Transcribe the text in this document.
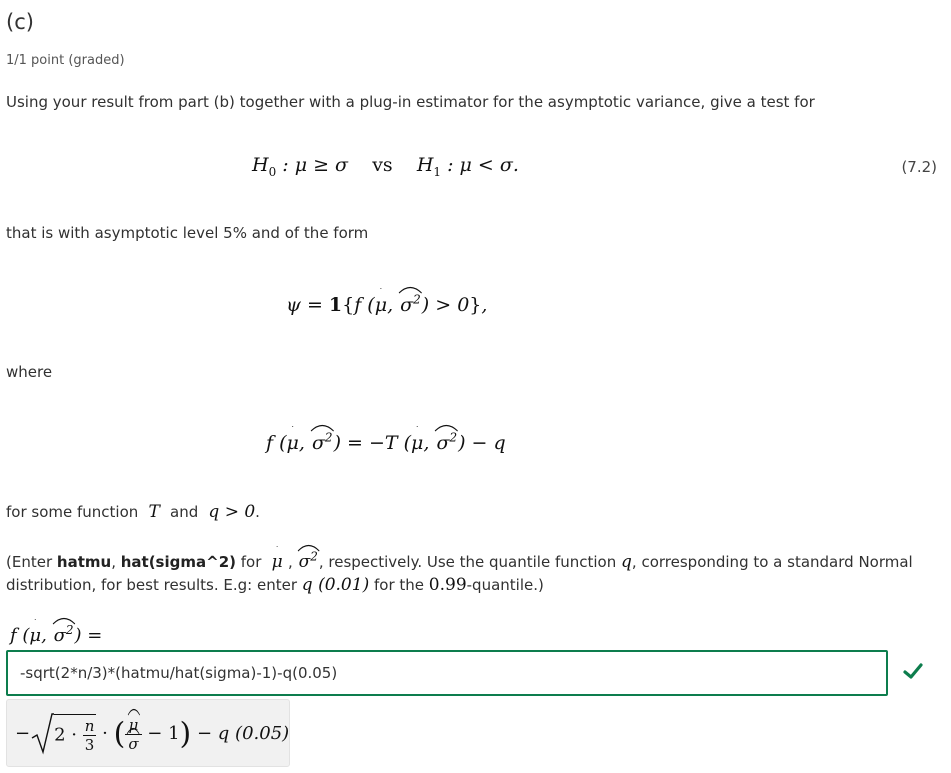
(c)
1/1 point (graded)
Using your result from part (b) together with a plug-in estimator for the asymptotic variance, give a test for
$H_0$ : μ ≥ σ    vs    $H_1$ : μ < σ.	(7.2)
that is with asymptotic level 5% and of the form
ψ = 1{f (μ,
$\sigma^2) > 0$},
where
f (μ,
$\sigma^2) = -T$ (μ,
$\sigma^2) - q$
for some function  T  and  q > 0.
(Enter hatmu, hat(sigma^2) for μ ,
$\sigma^2$, respectively. Use the quantile function q, corresponding to a standard Normal
distribution, for best results. E.g: enter q (0.01) for the 0.99-quantile.)
f (μ,
$\sigma^2$) =
-sqrt(2*n/3)*(hatmu/hat(sigma)-1)-q(0.05)
− $2 \cdot \frac{n}{3}$ · ( $\frac{\mu}{\sigma} - 1) - q$ (0.05)
